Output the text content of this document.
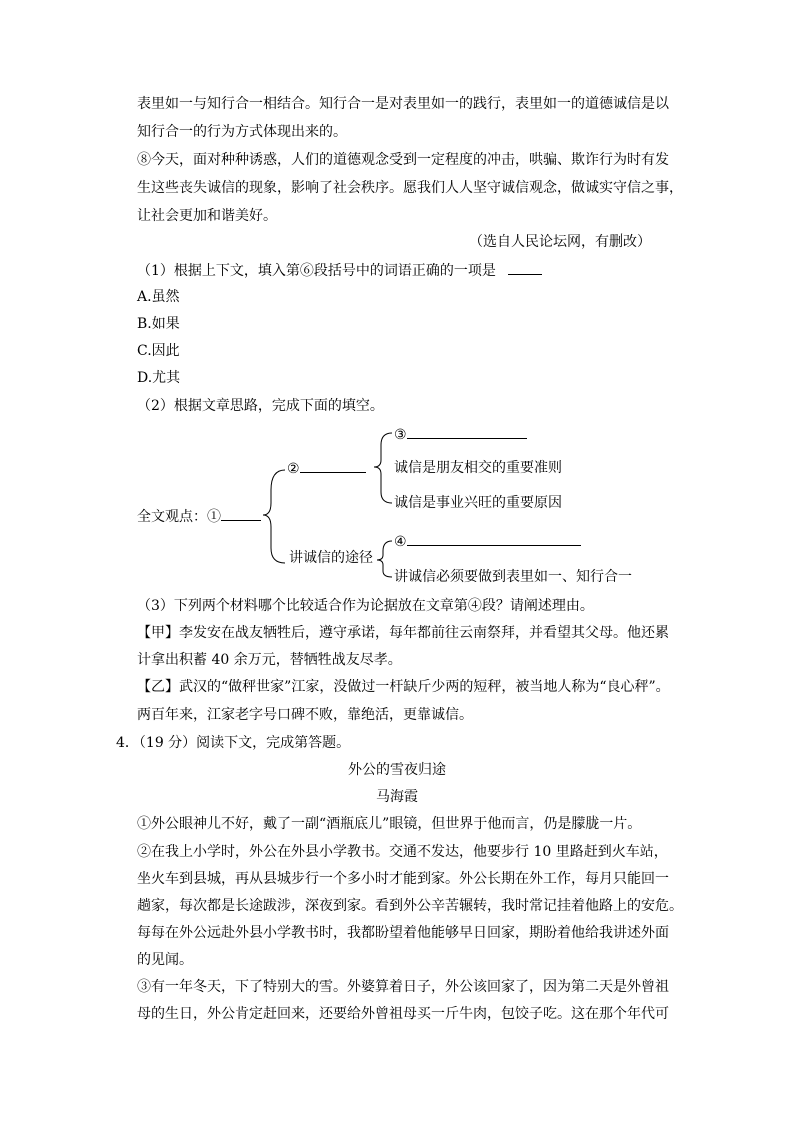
表里如一与知行合一相结合。知行合一是对表里如一的践行，表里如一的道德诚信是以
知行合一的行为方式体现出来的。
⑧今天，面对种种诱惑，人们的道德观念受到一定程度的冲击，哄骗、欺诈行为时有发
生这些丧失诚信的现象，影响了社会秩序。愿我们人人坚守诚信观念，做诚实守信之事，
让社会更加和谐美好。
（选自人民论坛网，有删改）
（1）根据上下文，填入第⑥段括号中的词语正确的一项是
A.虽然
B.如果
C.因此
D.尤其
（2）根据文章思路，完成下面的填空。
全文观点：①
②
讲诚信的途径
③
诚信是朋友相交的重要准则
诚信是事业兴旺的重要原因
④
讲诚信必须要做到表里如一、知行合一
（3）下列两个材料哪个比较适合作为论据放在文章第④段？请阐述理由。
【甲】李发安在战友牺牲后，遵守承诺，每年都前往云南祭拜，并看望其父母。他还累
计拿出积蓄 40 余万元，替牺牲战友尽孝。
【乙】武汉的“做秤世家”江家，没做过一杆缺斤少两的短秤，被当地人称为“良心秤”。
两百年来，江家老字号口碑不败，靠绝活，更靠诚信。
4．（19 分）阅读下文，完成第答题。
外公的雪夜归途
马海霞
①外公眼神儿不好，戴了一副“酒瓶底儿”眼镜，但世界于他而言，仍是朦胧一片。
②在我上小学时，外公在外县小学教书。交通不发达，他要步行 10 里路赶到火车站，
坐火车到县城，再从县城步行一个多小时才能到家。外公长期在外工作，每月只能回一
趟家，每次都是长途跋涉，深夜到家。看到外公辛苦辗转，我时常记挂着他路上的安危。
每每在外公远赴外县小学教书时，我都盼望着他能够早日回家，期盼着他给我讲述外面
的见闻。
③有一年冬天，下了特别大的雪。外婆算着日子，外公该回家了，因为第二天是外曾祖
母的生日，外公肯定赶回来，还要给外曾祖母买一斤牛肉，包饺子吃。这在那个年代可
